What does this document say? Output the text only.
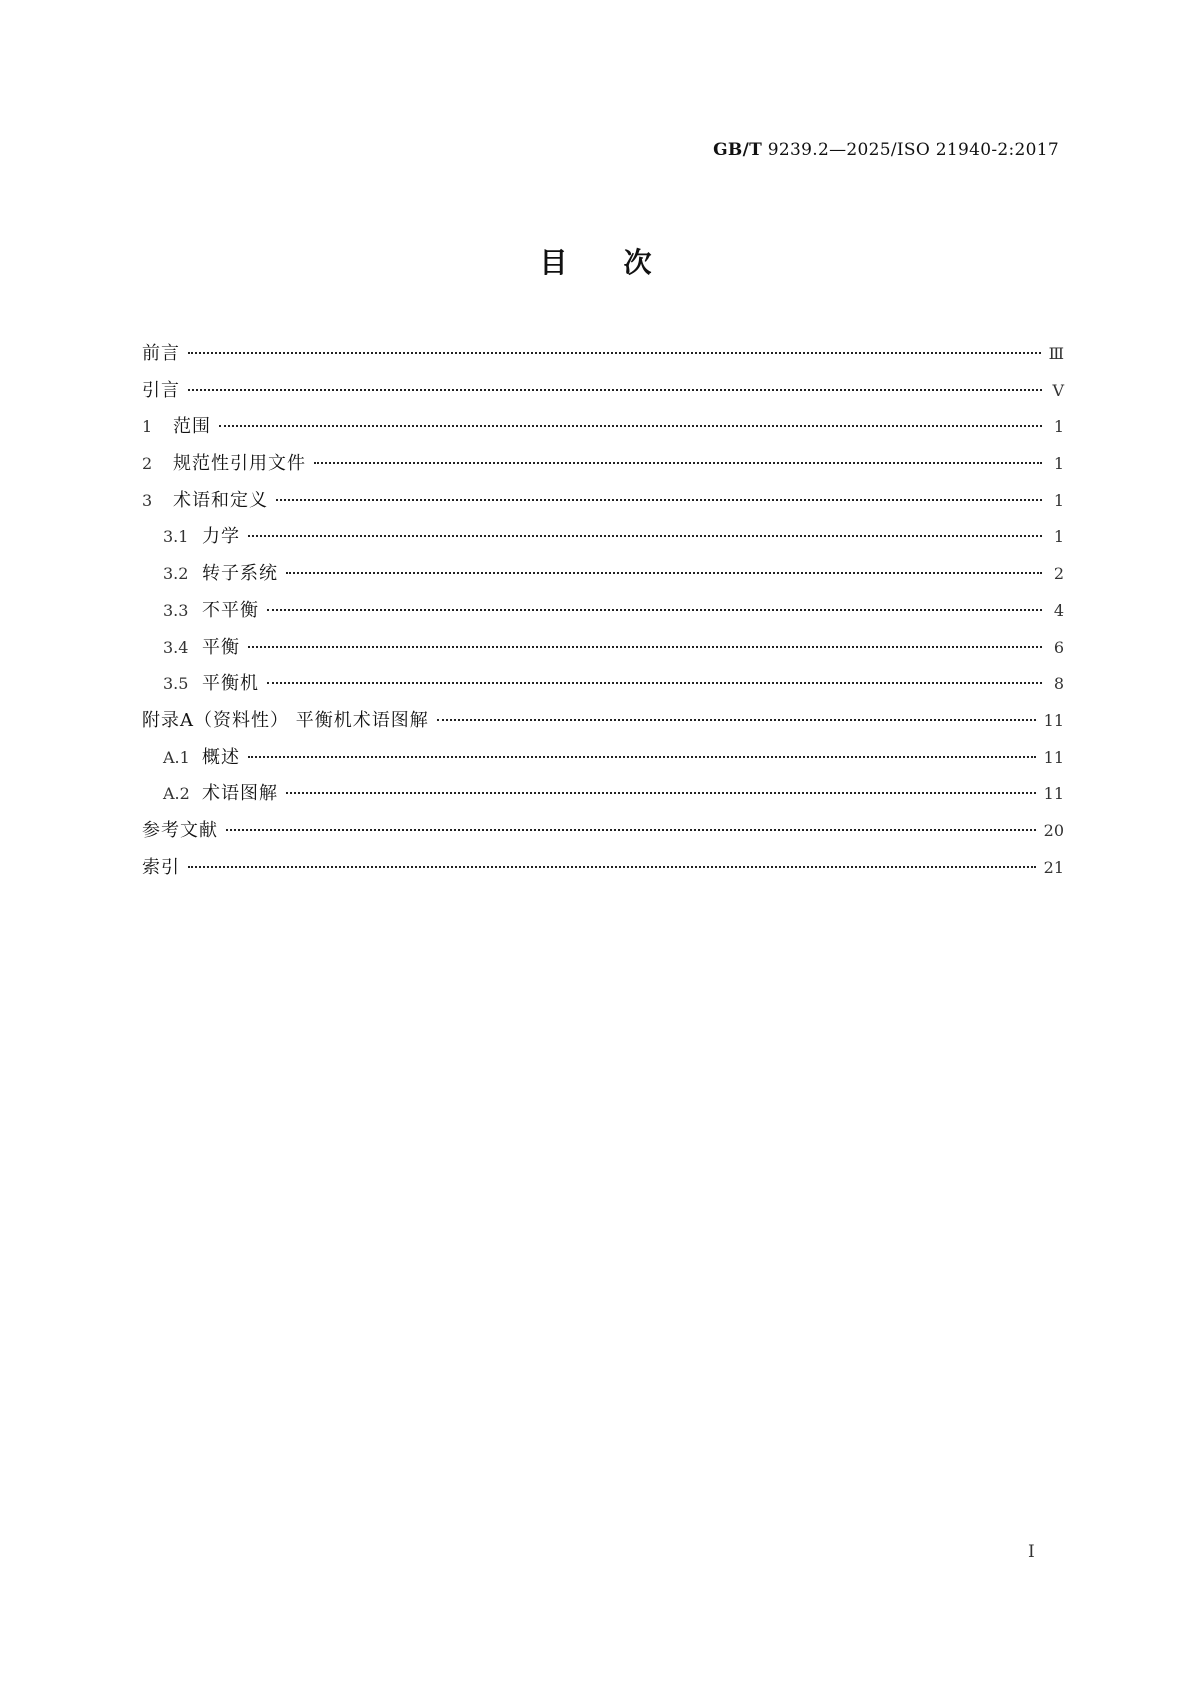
GB/T 9239.2—2025/ISO 21940-2:2017
目次
前言	Ⅲ
引言	Ⅴ
1	范围	1
2	规范性引用文件	1
3	术语和定义	1
3.1 力学	1
3.2 转子系统	2
3.3 不平衡	4
3.4 平衡	6
3.5 平衡机	8
附录A（资料性） 平衡机术语图解	11
A.1 概述	11
A.2 术语图解	11
参考文献	20
索引	21
Ⅰ
